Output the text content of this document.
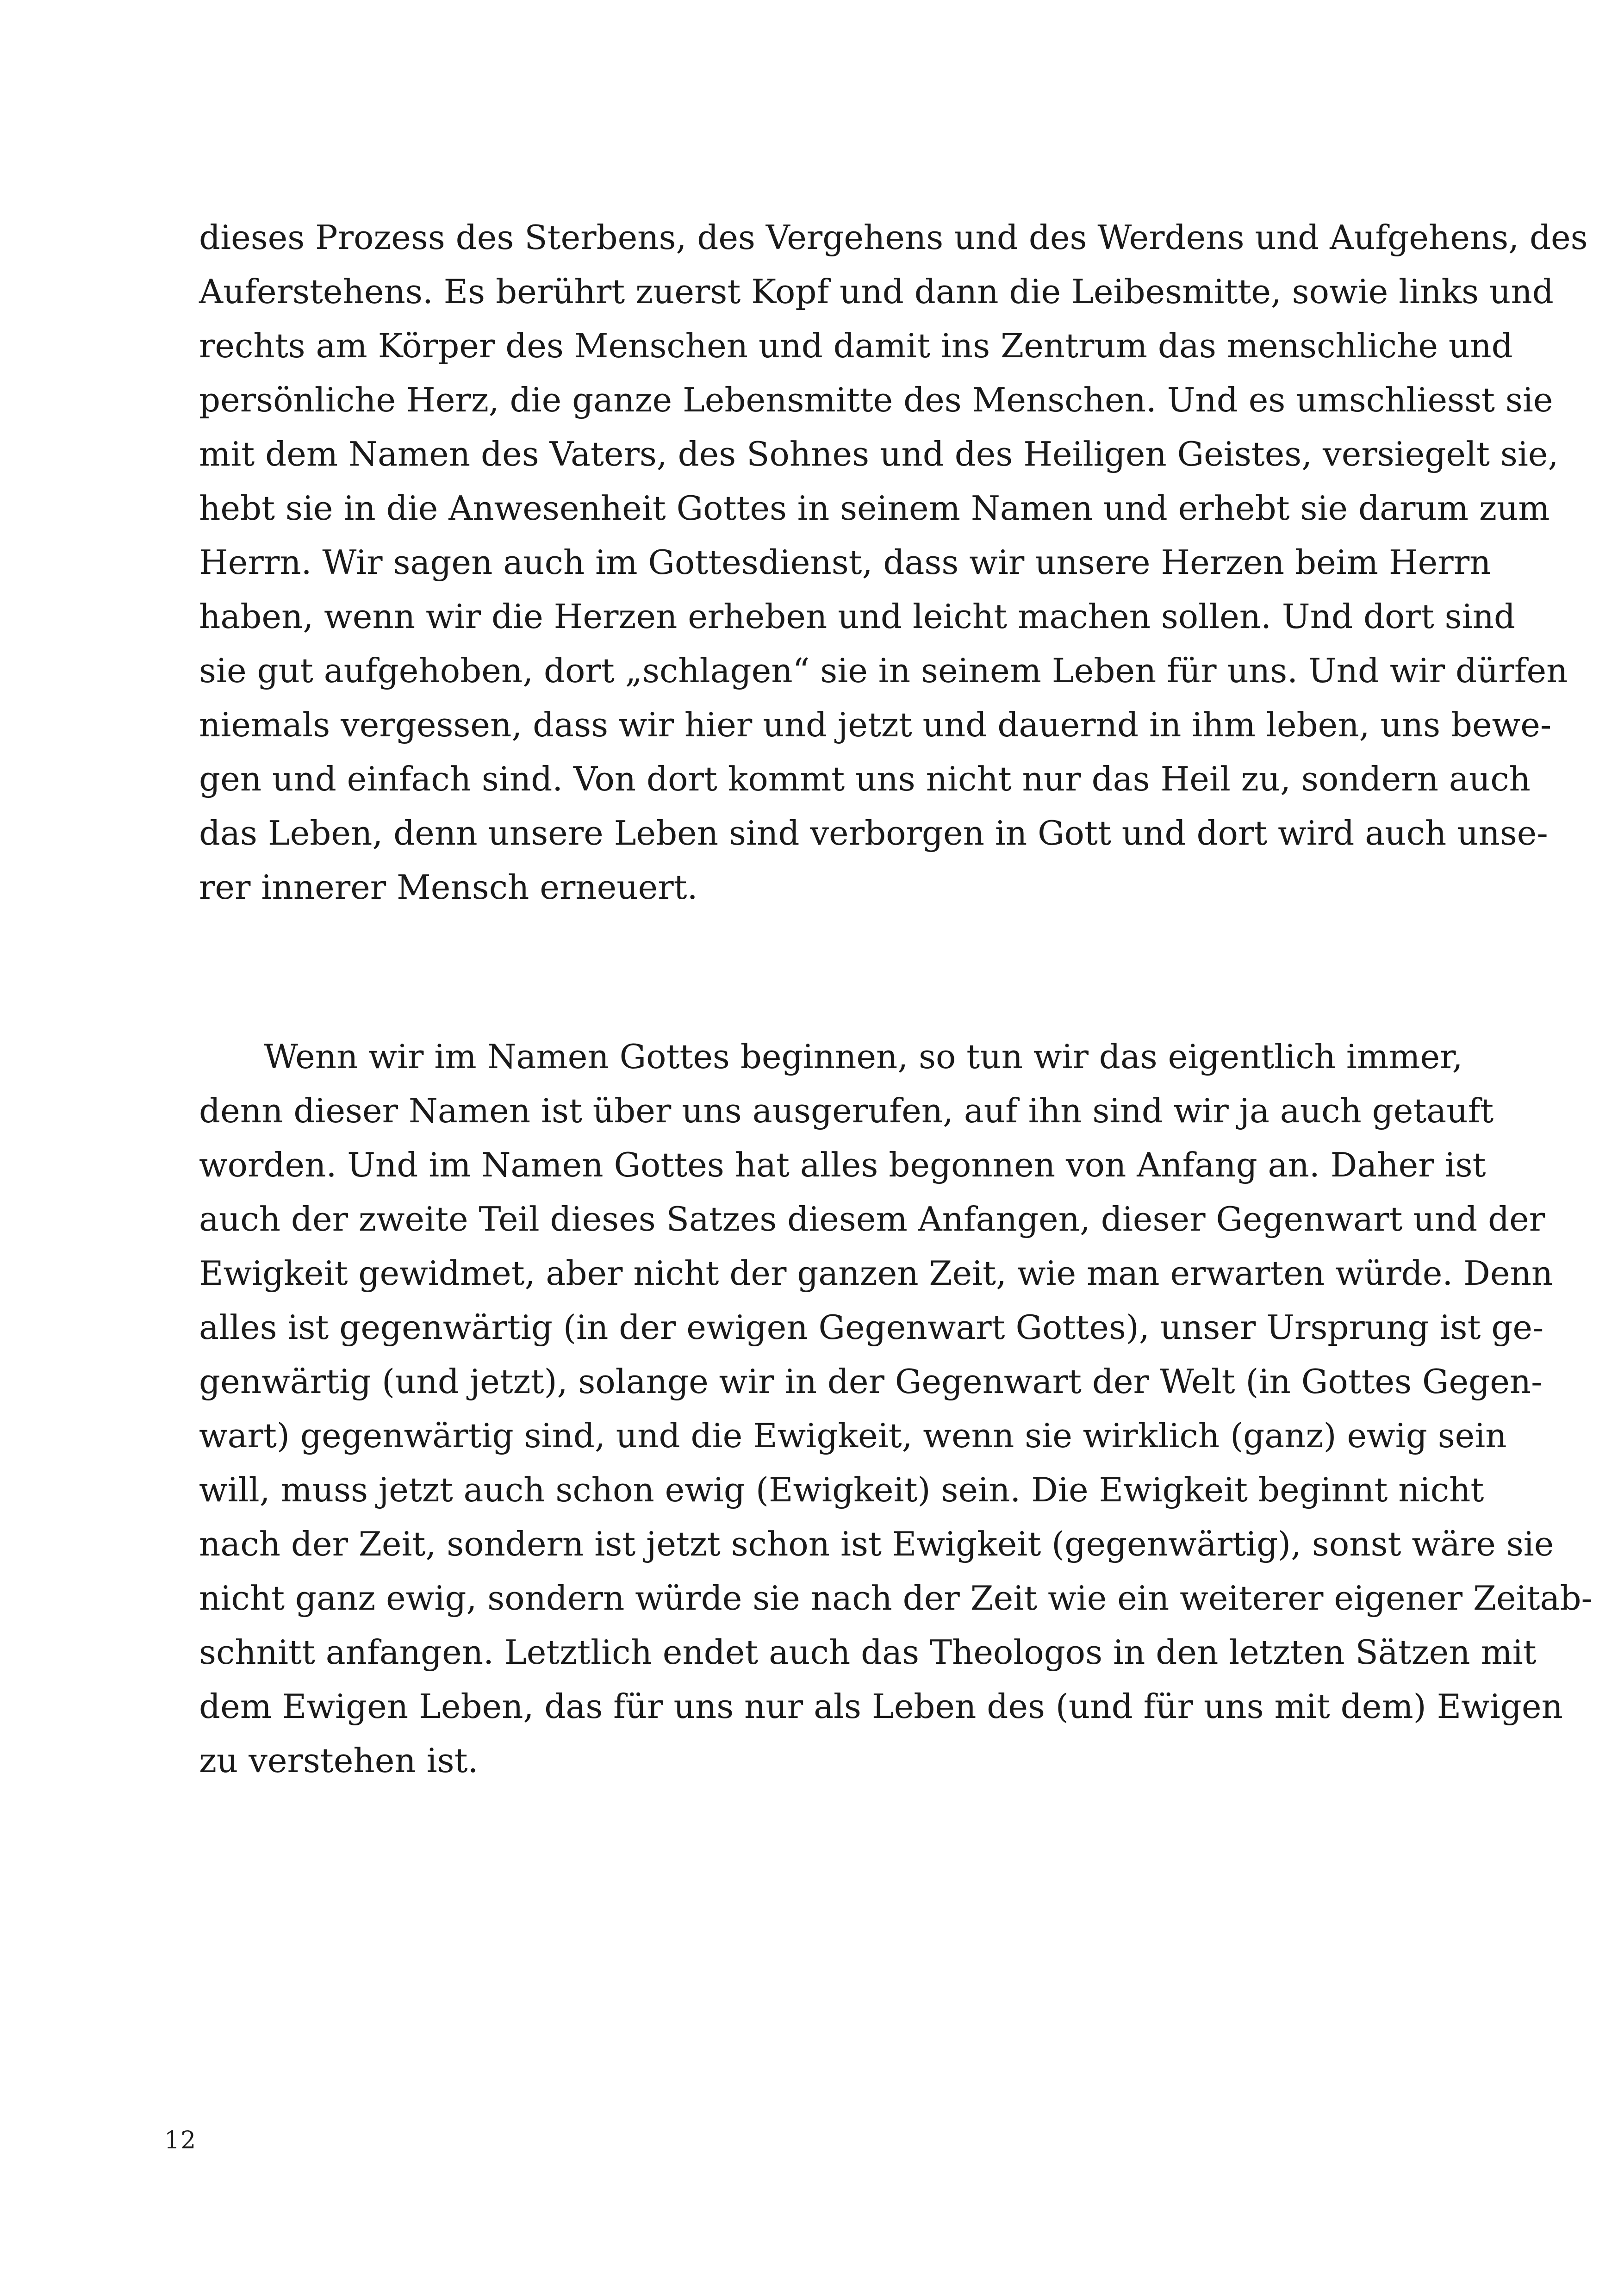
dieses Prozess des Sterbens, des Vergehens und des Werdens und Aufgehens, des
Auferstehens. Es berührt zuerst Kopf und dann die Leibesmitte, sowie links und
rechts am Körper des Menschen und damit ins Zentrum das menschliche und
persönliche Herz, die ganze Lebensmitte des Menschen. Und es umschliesst sie
mit dem Namen des Vaters, des Sohnes und des Heiligen Geistes, versiegelt sie,
hebt sie in die Anwesenheit Gottes in seinem Namen und erhebt sie darum zum
Herrn. Wir sagen auch im Gottesdienst, dass wir unsere Herzen beim Herrn
haben, wenn wir die Herzen erheben und leicht machen sollen. Und dort sind
sie gut aufgehoben, dort „schlagen“ sie in seinem Leben für uns. Und wir dürfen
niemals vergessen, dass wir hier und jetzt und dauernd in ihm leben, uns bewe-
gen und einfach sind. Von dort kommt uns nicht nur das Heil zu, sondern auch
das Leben, denn unsere Leben sind verborgen in Gott und dort wird auch unse-
rer innerer Mensch erneuert.
Wenn wir im Namen Gottes beginnen, so tun wir das eigentlich immer,
denn dieser Namen ist über uns ausgerufen, auf ihn sind wir ja auch getauft
worden. Und im Namen Gottes hat alles begonnen von Anfang an. Daher ist
auch der zweite Teil dieses Satzes diesem Anfangen, dieser Gegenwart und der
Ewigkeit gewidmet, aber nicht der ganzen Zeit, wie man erwarten würde. Denn
alles ist gegenwärtig (in der ewigen Gegenwart Gottes), unser Ursprung ist ge-
genwärtig (und jetzt), solange wir in der Gegenwart der Welt (in Gottes Gegen-
wart) gegenwärtig sind, und die Ewigkeit, wenn sie wirklich (ganz) ewig sein
will, muss jetzt auch schon ewig (Ewigkeit) sein. Die Ewigkeit beginnt nicht
nach der Zeit, sondern ist jetzt schon ist Ewigkeit (gegenwärtig), sonst wäre sie
nicht ganz ewig, sondern würde sie nach der Zeit wie ein weiterer eigener Zeitab-
schnitt anfangen. Letztlich endet auch das Theologos in den letzten Sätzen mit
dem Ewigen Leben, das für uns nur als Leben des (und für uns mit dem) Ewigen
zu verstehen ist.
12
